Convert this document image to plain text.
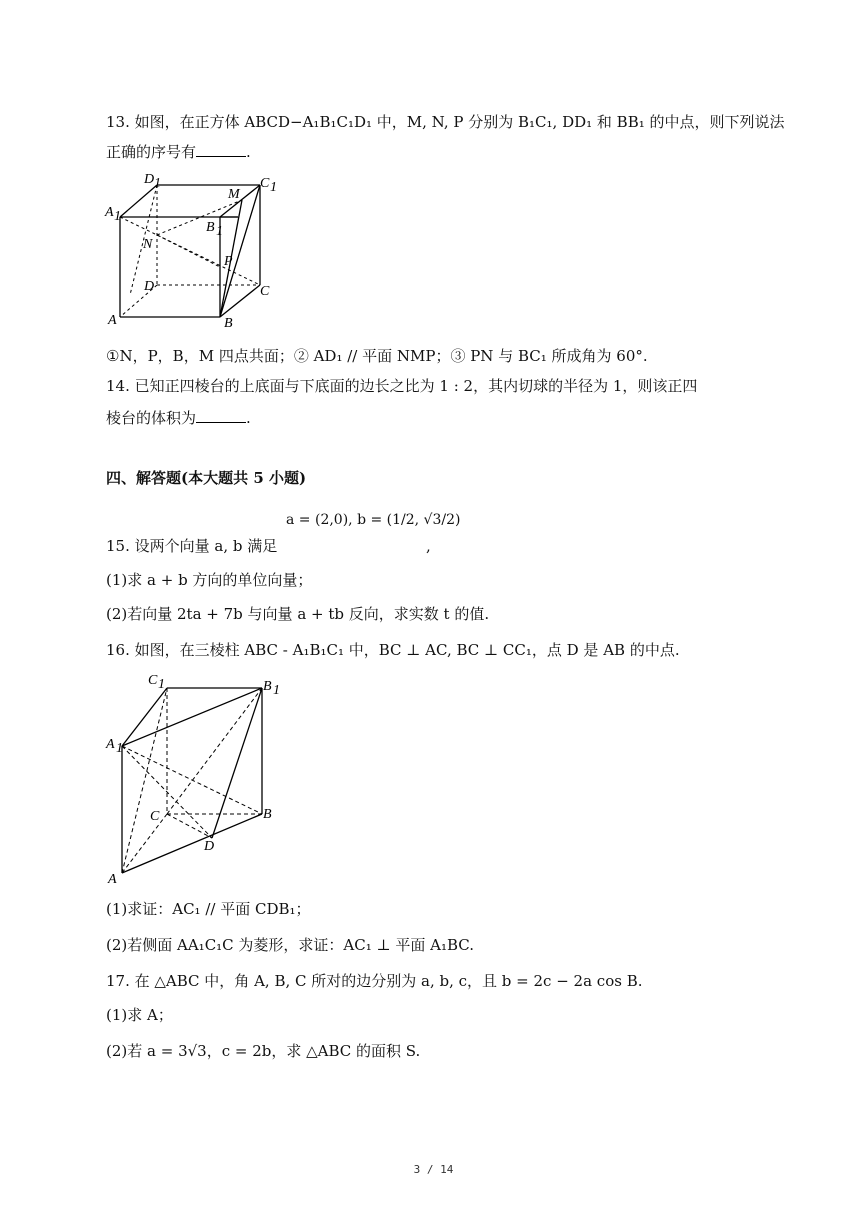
13. 如图，在正方体 ABCD−A₁B₁C₁D₁ 中，M, N, P 分别为 B₁C₁, DD₁ 和 BB₁ 的中点，则下列说法
正确的序号有	.
D 1	C 1
M
A 1
B 1
N
P
D	C
A	B
①N，P，B，M 四点共面；② AD₁ // 平面 NMP；③ PN 与 BC₁ 所成角为 60°.
14. 已知正四棱台的上底面与下底面的边长之比为 1 : 2，其内切球的半径为 1，则该正四
棱台的体积为	.
四、解答题(本大题共 5 小题)
a = (2,0), b = (1/2, √3/2)
15. 设两个向量 a, b 满足	,
(1)求 a + b 方向的单位向量；
(2)若向量 2ta + 7b 与向量 a + tb 反向，求实数 t 的值.
16. 如图，在三棱柱 ABC - A₁B₁C₁ 中，BC ⊥ AC, BC ⊥ CC₁，点 D 是 AB 的中点.
C 1	B 1
A 1
C	B
D
A
(1)求证：AC₁ // 平面 CDB₁；
(2)若侧面 AA₁C₁C 为菱形，求证：AC₁ ⊥ 平面 A₁BC.
17. 在 △ABC 中，角 A, B, C 所对的边分别为 a, b, c，且 b = 2c − 2a cos B.
(1)求 A；
(2)若 a = 3√3，c = 2b，求 △ABC 的面积 S.
3 / 14
